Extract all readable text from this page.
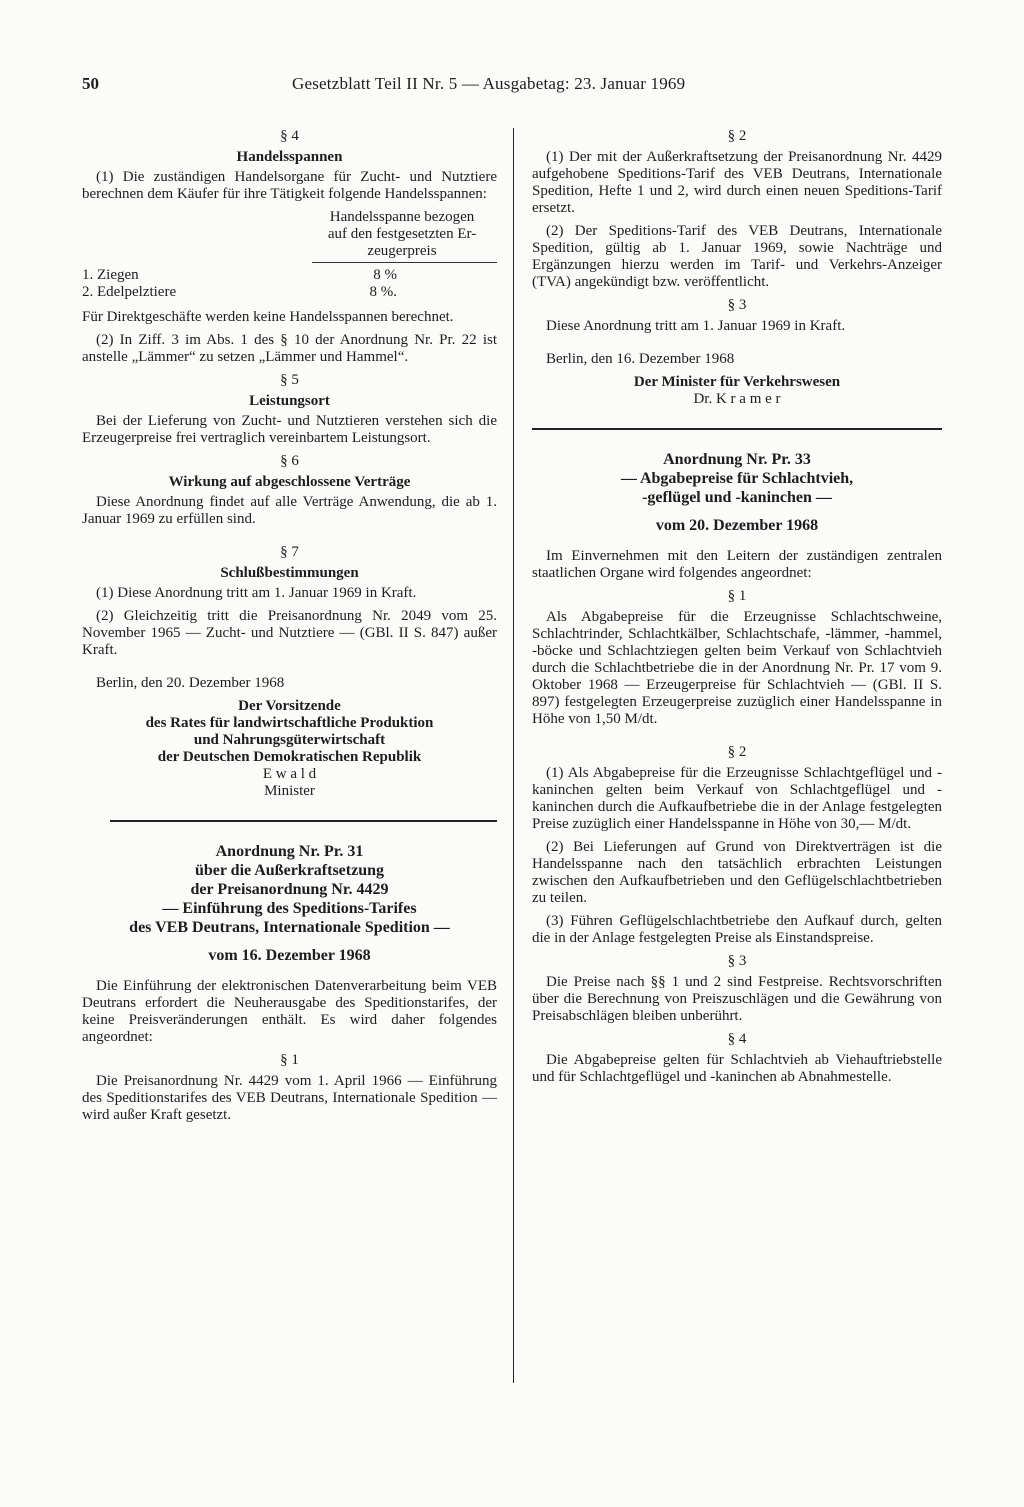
50	Gesetzblatt Teil II Nr. 5 — Ausgabetag: 23. Januar 1969
§ 4
Handelsspannen

(1) Die zuständigen Handelsorgane für Zucht- und Nutztiere berechnen dem Käufer für ihre Tätigkeit folgende Handelsspannen:

Handelsspanne bezogen
auf den festgesetzten Er-
zeugerpreis
1. Ziegen	8 %
2. Edelpelztiere	8 %.

Für Direktgeschäfte werden keine Handelsspannen berechnet.

(2) In Ziff. 3 im Abs. 1 des § 10 der Anordnung Nr. Pr. 22 ist anstelle „Lämmer“ zu setzen „Lämmer und Hammel“.

§ 5
Leistungsort

Bei der Lieferung von Zucht- und Nutztieren verstehen sich die Erzeugerpreise frei vertraglich vereinbartem Leistungsort.

§ 6
Wirkung auf abgeschlossene Verträge

Diese Anordnung findet auf alle Verträge Anwendung, die ab 1. Januar 1969 zu erfüllen sind.

§ 7
Schlußbestimmungen

(1) Diese Anordnung tritt am 1. Januar 1969 in Kraft.

(2) Gleichzeitig tritt die Preisanordnung Nr. 2049 vom 25. November 1965 — Zucht- und Nutztiere — (GBl. II S. 847) außer Kraft.

Berlin, den 20. Dezember 1968

Der Vorsitzende
des Rates für landwirtschaftliche Produktion
und Nahrungsgüterwirtschaft
der Deutschen Demokratischen Republik
E w a l d
Minister
Anordnung Nr. Pr. 31
über die Außerkraftsetzung
der Preisanordnung Nr. 4429
— Einführung des Speditions-Tarifes
des VEB Deutrans, Internationale Spedition —
vom 16. Dezember 1968

Die Einführung der elektronischen Datenverarbeitung beim VEB Deutrans erfordert die Neuherausgabe des Speditionstarifes, der keine Preisveränderungen enthält. Es wird daher folgendes angeordnet:

§ 1

Die Preisanordnung Nr. 4429 vom 1. April 1966 — Einführung des Speditionstarifes des VEB Deutrans, Internationale Spedition — wird außer Kraft gesetzt.

§ 2

(1) Der mit der Außerkraftsetzung der Preisanordnung Nr. 4429 aufgehobene Speditions-Tarif des VEB Deutrans, Internationale Spedition, Hefte 1 und 2, wird durch einen neuen Speditions-Tarif ersetzt.

(2) Der Speditions-Tarif des VEB Deutrans, Internationale Spedition, gültig ab 1. Januar 1969, sowie Nachträge und Ergänzungen hierzu werden im Tarif- und Verkehrs-Anzeiger (TVA) angekündigt bzw. veröffentlicht.

§ 3

Diese Anordnung tritt am 1. Januar 1969 in Kraft.

Berlin, den 16. Dezember 1968

Der Minister für Verkehrswesen
Dr. K r a m e r
Anordnung Nr. Pr. 33
— Abgabepreise für Schlachtvieh,
-geflügel und -kaninchen —
vom 20. Dezember 1968

Im Einvernehmen mit den Leitern der zuständigen zentralen staatlichen Organe wird folgendes angeordnet:

§ 1

Als Abgabepreise für die Erzeugnisse Schlachtschweine, Schlachtrinder, Schlachtkälber, Schlachtschafe, -lämmer, -hammel, -böcke und Schlachtziegen gelten beim Verkauf von Schlachtvieh durch die Schlachtbetriebe die in der Anordnung Nr. Pr. 17 vom 9. Oktober 1968 — Erzeugerpreise für Schlachtvieh — (GBl. II S. 897) festgelegten Erzeugerpreise zuzüglich einer Handelsspanne in Höhe von 1,50 M/dt.

§ 2

(1) Als Abgabepreise für die Erzeugnisse Schlachtgeflügel und -kaninchen gelten beim Verkauf von Schlachtgeflügel und -kaninchen durch die Aufkaufbetriebe die in der Anlage festgelegten Preise zuzüglich einer Handelsspanne in Höhe von 30,— M/dt.

(2) Bei Lieferungen auf Grund von Direktverträgen ist die Handelsspanne nach den tatsächlich erbrachten Leistungen zwischen den Aufkaufbetrieben und den Geflügelschlachtbetrieben zu teilen.

(3) Führen Geflügelschlachtbetriebe den Aufkauf durch, gelten die in der Anlage festgelegten Preise als Einstandspreise.

§ 3

Die Preise nach §§ 1 und 2 sind Festpreise. Rechtsvorschriften über die Berechnung von Preiszuschlägen und die Gewährung von Preisabschlägen bleiben unberührt.

§ 4

Die Abgabepreise gelten für Schlachtvieh ab Viehauftriebstelle und für Schlachtgeflügel und -kaninchen ab Abnahmestelle.
